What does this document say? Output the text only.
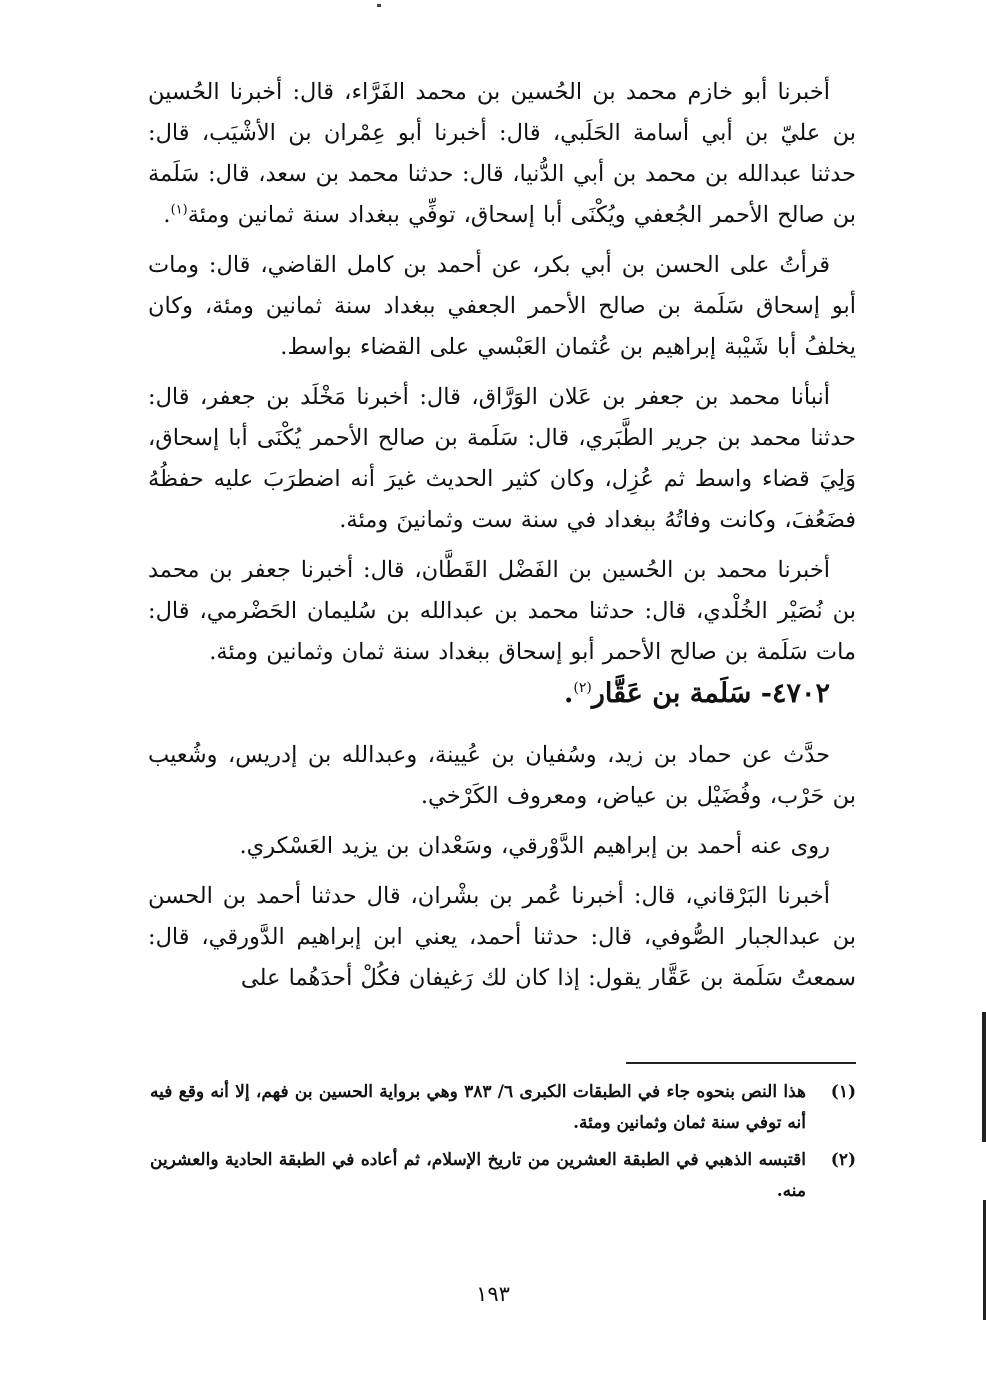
أخبرنا أبو خازم محمد بن الحُسين بن محمد الفَرَّاء، قال: أخبرنا الحُسين بن عليّ بن أبي أسامة الحَلَبي، قال: أخبرنا أبو عِمْران بن الأشْيَب، قال: حدثنا عبدالله بن محمد بن أبي الدُّنيا، قال: حدثنا محمد بن سعد، قال: سَلَمة بن صالح الأحمر الجُعفي ويُكْنَى أبا إسحاق، توفِّي ببغداد سنة ثمانين ومئة$^{(١)}$.

قرأتُ على الحسن بن أبي بكر، عن أحمد بن كامل القاضي، قال: ومات أبو إسحاق سَلَمة بن صالح الأحمر الجعفي ببغداد سنة ثمانين ومئة، وكان يخلفُ أبا شَيْبة إبراهيم بن عُثمان العَبْسي على القضاء بواسط.

أنبأنا محمد بن جعفر بن عَلان الوَرَّاق، قال: أخبرنا مَخْلَد بن جعفر، قال: حدثنا محمد بن جرير الطَّبَري، قال: سَلَمة بن صالح الأحمر يُكْنَى أبا إسحاق، وَلِيَ قضاء واسط ثم عُزِل، وكان كثير الحديث غيرَ أنه اضطرَبَ عليه حفظُهُ فضَعُفَ، وكانت وفاتُهُ ببغداد في سنة ست وثمانينَ ومئة.

أخبرنا محمد بن الحُسين بن الفَضْل القَطَّان، قال: أخبرنا جعفر بن محمد بن نُصَيْر الخُلْدي، قال: حدثنا محمد بن عبدالله بن سُليمان الحَضْرمي، قال: مات سَلَمة بن صالح الأحمر أبو إسحاق ببغداد سنة ثمان وثمانين ومئة.

٤٧٠٢- سَلَمة بن عَقَّار$^{(٢)}$.

حدَّث عن حماد بن زيد، وسُفيان بن عُيينة، وعبدالله بن إدريس، وشُعيب بن حَرْب، وفُضَيْل بن عياض، ومعروف الكَرْخي.

روى عنه أحمد بن إبراهيم الدَّوْرقي، وسَعْدان بن يزيد العَسْكري.

أخبرنا البَرْقاني، قال: أخبرنا عُمر بن بشْران، قال حدثنا أحمد بن الحسن بن عبدالجبار الصُّوفي، قال: حدثنا أحمد، يعني ابن إبراهيم الدَّورقي، قال: سمعتُ سَلَمة بن عَقَّار يقول: إذا كان لك رَغيفان فكُلْ أحدَهُما على

(١)
هذا النص بنحوه جاء في الطبقات الكبرى ٦/ ٣٨٣ وهي برواية الحسين بن فهم، إلا أنه وقع فيه أنه توفي سنة ثمان وثمانين ومئة.
(٢)
اقتبسه الذهبي في الطبقة العشرين من تاريخ الإسلام، ثم أعاده في الطبقة الحادية والعشرين منه.
١٩٣
